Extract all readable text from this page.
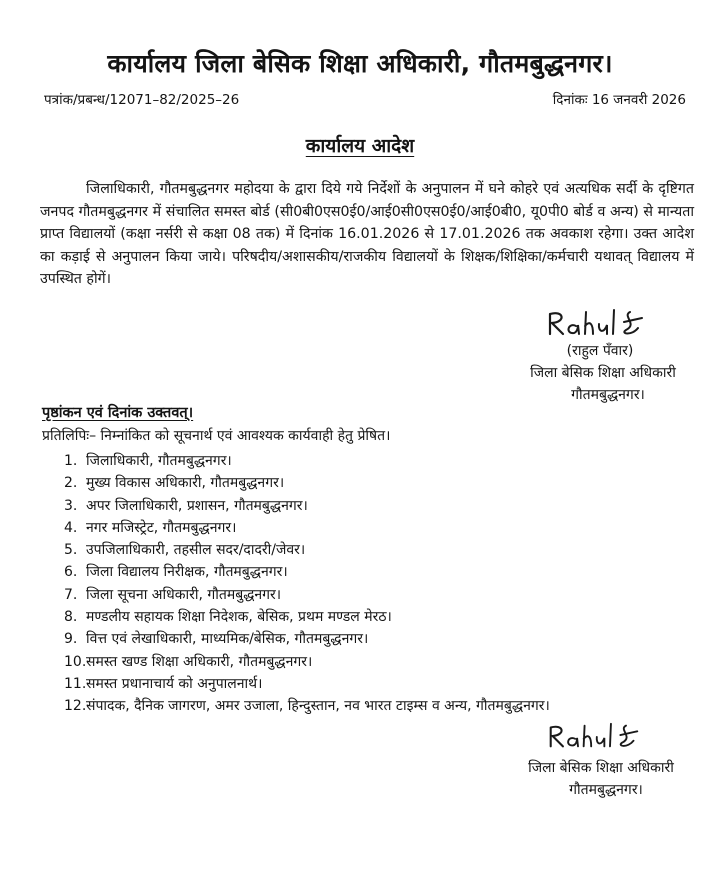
कार्यालय जिला बेसिक शिक्षा अधिकारी, गौतमबुद्धनगर।
पत्रांक/प्रबन्ध/12071–82/2025–26	दिनांकः 16 जनवरी 2026
कार्यालय आदेश

जिलाधिकारी, गौतमबुद्धनगर महोदया के द्वारा दिये गये निर्देशों के अनुपालन में घने कोहरे एवं अत्यधिक सर्दी के दृष्टिगत जनपद गौतमबुद्धनगर में संचालित समस्त बोर्ड (सी0बी0एस0ई0/आई0सी0एस0ई0/आई0बी0, यू0पी0 बोर्ड व अन्य) से मान्यता प्राप्त विद्यालयों (कक्षा नर्सरी से कक्षा 08 तक) में दिनांक 16.01.2026 से 17.01.2026 तक अवकाश रहेगा। उक्त आदेश का कड़ाई से अनुपालन किया जाये। परिषदीय/अशासकीय/राजकीय विद्यालयों के शिक्षक/शिक्षिका/कर्मचारी यथावत् विद्यालय में उपस्थित होगें।

(राहुल पँवार)
जिला बेसिक शिक्षा अधिकारी
गौतमबुद्धनगर।
पृष्ठांकन एवं दिनांक उक्तवत्।
प्रतिलिपिः– निम्नांकित को सूचनार्थ एवं आवश्यक कार्यवाही हेतु प्रेषित।
1. जिलाधिकारी, गौतमबुद्धनगर।
2. मुख्य विकास अधिकारी, गौतमबुद्धनगर।
3. अपर जिलाधिकारी, प्रशासन, गौतमबुद्धनगर।
4. नगर मजिस्ट्रेट, गौतमबुद्धनगर।
5. उपजिलाधिकारी, तहसील सदर/दादरी/जेवर।
6. जिला विद्यालय निरीक्षक, गौतमबुद्धनगर।
7. जिला सूचना अधिकारी, गौतमबुद्धनगर।
8. मण्डलीय सहायक शिक्षा निदेशक, बेसिक, प्रथम मण्डल मेरठ।
9. वित्त एवं लेखाधिकारी, माध्यमिक/बेसिक, गौतमबुद्धनगर।
10.समस्त खण्ड शिक्षा अधिकारी, गौतमबुद्धनगर।
11.समस्त प्रधानाचार्य को अनुपालनार्थ।
12.संपादक, दैनिक जागरण, अमर उजाला, हिन्दुस्तान, नव भारत टाइम्स व अन्य, गौतमबुद्धनगर।
जिला बेसिक शिक्षा अधिकारी
गौतमबुद्धनगर।
